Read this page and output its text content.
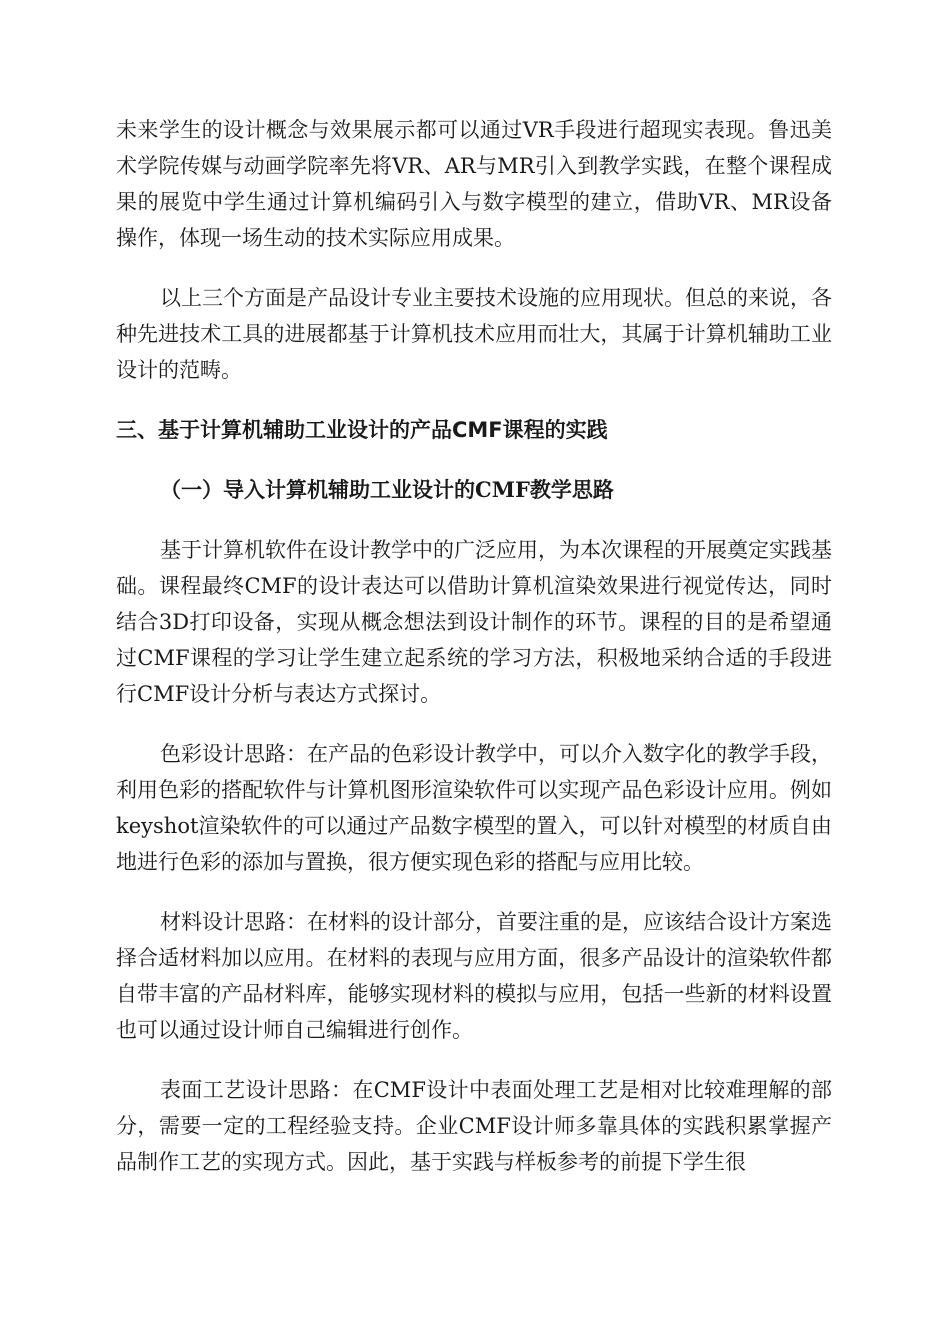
未来学生的设计概念与效果展示都可以通过VR手段进行超现实表现。鲁迅美术学院传媒与动画学院率先将VR、AR与MR引入到教学实践，在整个课程成果的展览中学生通过计算机编码引入与数字模型的建立，借助VR、MR设备操作，体现一场生动的技术实际应用成果。

以上三个方面是产品设计专业主要技术设施的应用现状。但总的来说，各种先进技术工具的进展都基于计算机技术应用而壮大，其属于计算机辅助工业设计的范畴。

三、基于计算机辅助工业设计的产品CMF课程的实践
（一）导入计算机辅助工业设计的CMF教学思路

基于计算机软件在设计教学中的广泛应用，为本次课程的开展奠定实践基础。课程最终CMF的设计表达可以借助计算机渲染效果进行视觉传达，同时结合3D打印设备，实现从概念想法到设计制作的环节。课程的目的是希望通过CMF课程的学习让学生建立起系统的学习方法，积极地采纳合适的手段进行CMF设计分析与表达方式探讨。

色彩设计思路：在产品的色彩设计教学中，可以介入数字化的教学手段，利用色彩的搭配软件与计算机图形渲染软件可以实现产品色彩设计应用。例如keyshot渲染软件的可以通过产品数字模型的置入，可以针对模型的材质自由地进行色彩的添加与置换，很方便实现色彩的搭配与应用比较。

材料设计思路：在材料的设计部分，首要注重的是，应该结合设计方案选择合适材料加以应用。在材料的表现与应用方面，很多产品设计的渲染软件都自带丰富的产品材料库，能够实现材料的模拟与应用，包括一些新的材料设置也可以通过设计师自己编辑进行创作。

表面工艺设计思路：在CMF设计中表面处理工艺是相对比较难理解的部分，需要一定的工程经验支持。企业CMF设计师多靠具体的实践积累掌握产品制作工艺的实现方式。因此，基于实践与样板参考的前提下学生很
